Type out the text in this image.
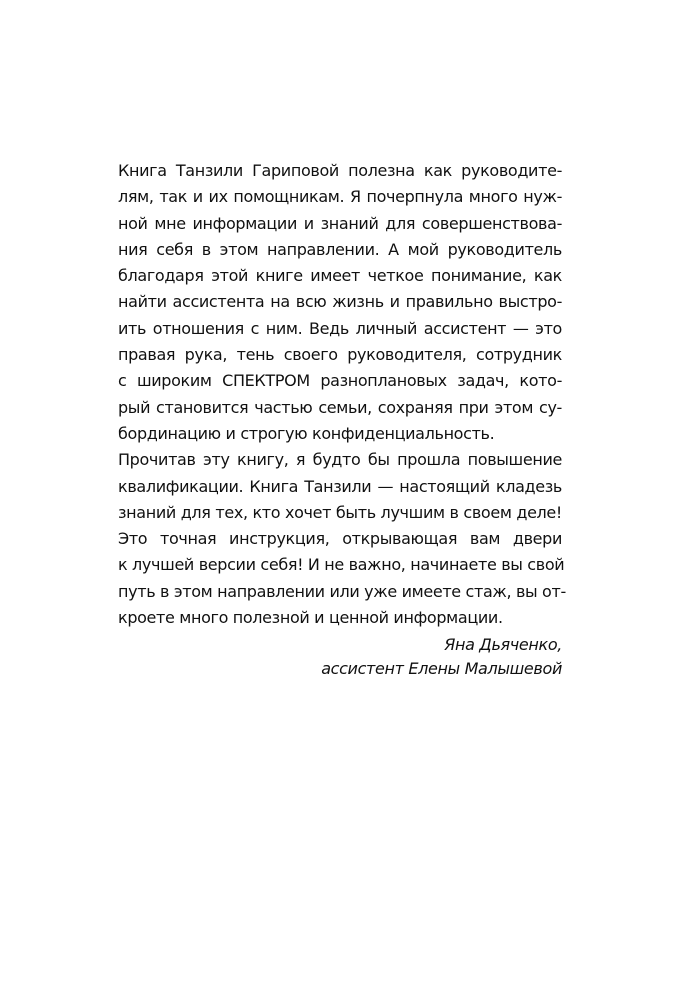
Книга Танзили Гариповой полезна как руководите-
лям, так и их помощникам. Я почерпнула много нуж-
ной мне информации и знаний для совершенствова-
ния себя в этом направлении. А мой руководитель
благодаря этой книге имеет четкое понимание, как
найти ассистента на всю жизнь и правильно выстро-
ить отношения с ним. Ведь личный ассистент — это
правая рука, тень своего руководителя, сотрудник
с широким СПЕКТРОМ разноплановых задач, кото-
рый становится частью семьи, сохраняя при этом су-
бординацию и строгую конфиденциальность.
Прочитав эту книгу, я будто бы прошла повышение
квалификации. Книга Танзили — настоящий кладезь
знаний для тех, кто хочет быть лучшим в своем деле!
Это точная инструкция, открывающая вам двери
к лучшей версии себя! И не важно, начинаете вы свой
путь в этом направлении или уже имеете стаж, вы от-
кроете много полезной и ценной информации.
Яна Дьяченко,
ассистент Елены Малышевой
